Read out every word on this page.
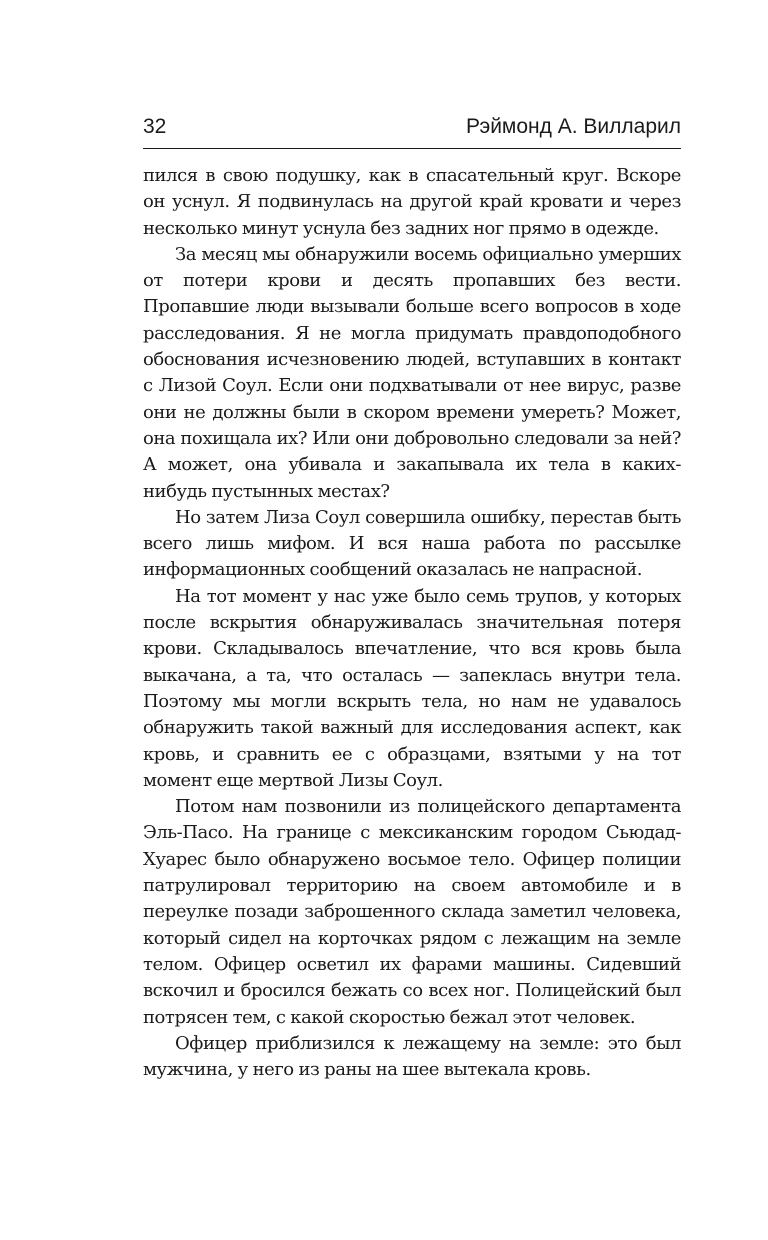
32	Рэймонд А. Вилларил

пился в свою подушку, как в спасательный круг. Вскоре он уснул. Я подвинулась на другой край кровати и через несколько минут уснула без задних ног прямо в одежде.

За месяц мы обнаружили восемь официально умерших от потери крови и десять пропавших без вести. Пропавшие люди вызывали больше всего вопросов в ходе расследования. Я не могла придумать правдоподобного обоснования исчезновению людей, вступавших в контакт с Лизой Соул. Если они подхватывали от нее вирус, разве они не должны были в скором времени умереть? Может, она похищала их? Или они добровольно следовали за ней? А может, она убивала и закапывала их тела в каких-нибудь пустынных местах?

Но затем Лиза Соул совершила ошибку, перестав быть всего лишь мифом. И вся наша работа по рассылке информационных сообщений оказалась не напрасной.

На тот момент у нас уже было семь трупов, у которых после вскрытия обнаруживалась значительная потеря крови. Складывалось впечатление, что вся кровь была выкачана, а та, что осталась — запеклась внутри тела. Поэтому мы могли вскрыть тела, но нам не удавалось обнаружить такой важный для исследования аспект, как кровь, и сравнить ее с образцами, взятыми у на тот момент еще мертвой Лизы Соул.

Потом нам позвонили из полицейского департамента Эль-Пасо. На границе с мексиканским городом Сьюдад-Хуарес было обнаружено восьмое тело. Офицер полиции патрулировал территорию на своем автомобиле и в переулке позади заброшенного склада заметил человека, который сидел на корточках рядом с лежащим на земле телом. Офицер осветил их фарами машины. Сидевший вскочил и бросился бежать со всех ног. Полицейский был потрясен тем, с какой скоростью бежал этот человек.

Офицер приблизился к лежащему на земле: это был мужчина, у него из раны на шее вытекала кровь.
